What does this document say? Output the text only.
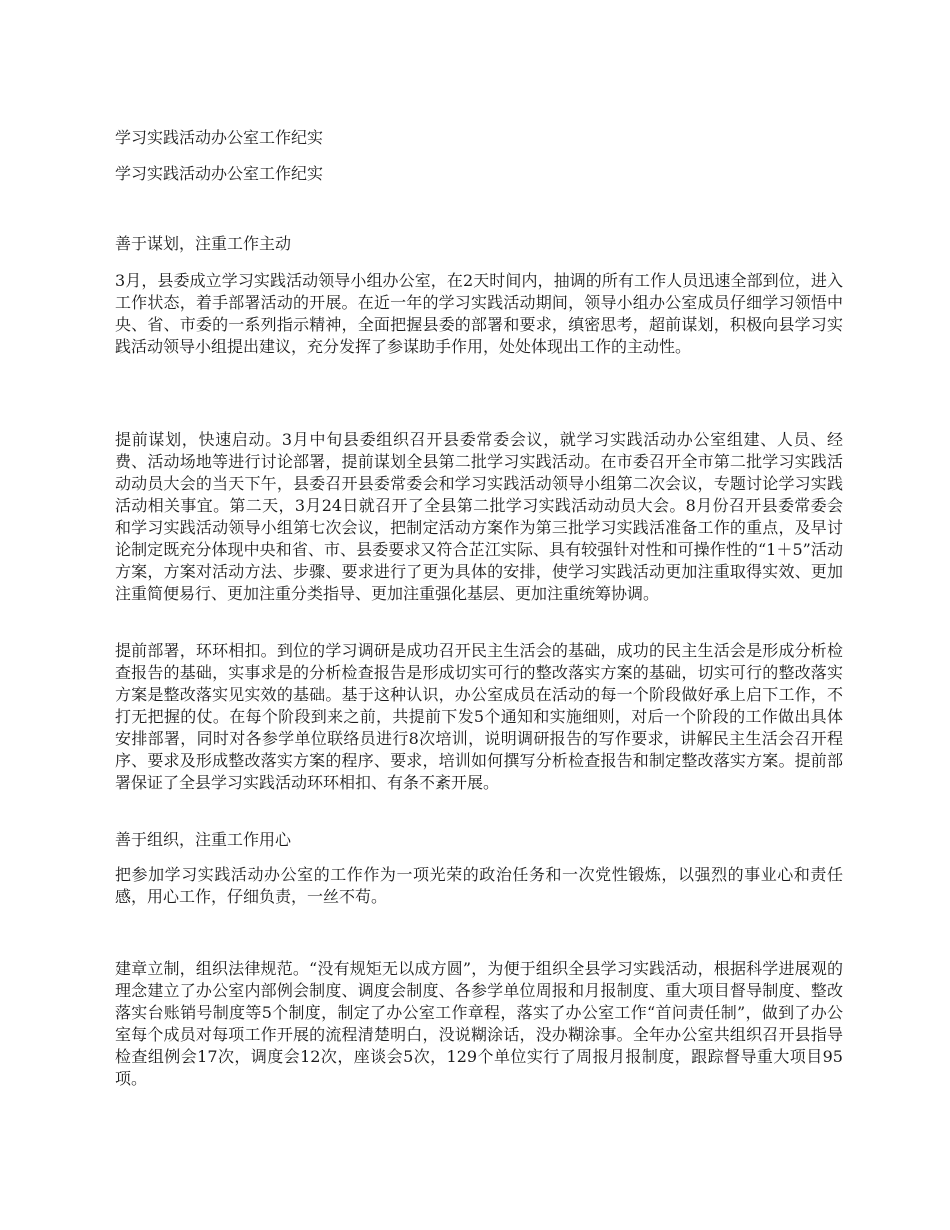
学习实践活动办公室工作纪实
学习实践活动办公室工作纪实
善于谋划，注重工作主动
3月，县委成立学习实践活动领导小组办公室，在2天时间内，抽调的所有工作人员迅速全部到位，进入工作状态，着手部署活动的开展。在近一年的学习实践活动期间，领导小组办公室成员仔细学习领悟中央、省、市委的一系列指示精神，全面把握县委的部署和要求，缜密思考，超前谋划，积极向县学习实践活动领导小组提出建议，充分发挥了参谋助手作用，处处体现出工作的主动性。
提前谋划，快速启动。3月中旬县委组织召开县委常委会议，就学习实践活动办公室组建、人员、经费、活动场地等进行讨论部署，提前谋划全县第二批学习实践活动。在市委召开全市第二批学习实践活动动员大会的当天下午，县委召开县委常委会和学习实践活动领导小组第二次会议，专题讨论学习实践活动相关事宜。第二天，3月24日就召开了全县第二批学习实践活动动员大会。8月份召开县委常委会和学习实践活动领导小组第七次会议，把制定活动方案作为第三批学习实践活准备工作的重点，及早讨论制定既充分体现中央和省、市、县委要求又符合芷江实际、具有较强针对性和可操作性的“1＋5”活动方案，方案对活动方法、步骤、要求进行了更为具体的安排，使学习实践活动更加注重取得实效、更加注重简便易行、更加注重分类指导、更加注重强化基层、更加注重统筹协调。
提前部署，环环相扣。到位的学习调研是成功召开民主生活会的基础，成功的民主生活会是形成分析检查报告的基础，实事求是的分析检查报告是形成切实可行的整改落实方案的基础，切实可行的整改落实方案是整改落实见实效的基础。基于这种认识，办公室成员在活动的每一个阶段做好承上启下工作，不打无把握的仗。在每个阶段到来之前，共提前下发5个通知和实施细则，对后一个阶段的工作做出具体安排部署，同时对各参学单位联络员进行8次培训，说明调研报告的写作要求，讲解民主生活会召开程序、要求及形成整改落实方案的程序、要求，培训如何撰写分析检查报告和制定整改落实方案。提前部署保证了全县学习实践活动环环相扣、有条不紊开展。
善于组织，注重工作用心
把参加学习实践活动办公室的工作作为一项光荣的政治任务和一次党性锻炼，以强烈的事业心和责任感，用心工作，仔细负责，一丝不苟。
建章立制，组织法律规范。“没有规矩无以成方圆”，为便于组织全县学习实践活动，根据科学进展观的理念建立了办公室内部例会制度、调度会制度、各参学单位周报和月报制度、重大项目督导制度、整改落实台账销号制度等5个制度，制定了办公室工作章程，落实了办公室工作“首问责任制”，做到了办公室每个成员对每项工作开展的流程清楚明白，没说糊涂话，没办糊涂事。全年办公室共组织召开县指导检查组例会17次，调度会12次，座谈会5次，129个单位实行了周报月报制度，跟踪督导重大项目95项。
